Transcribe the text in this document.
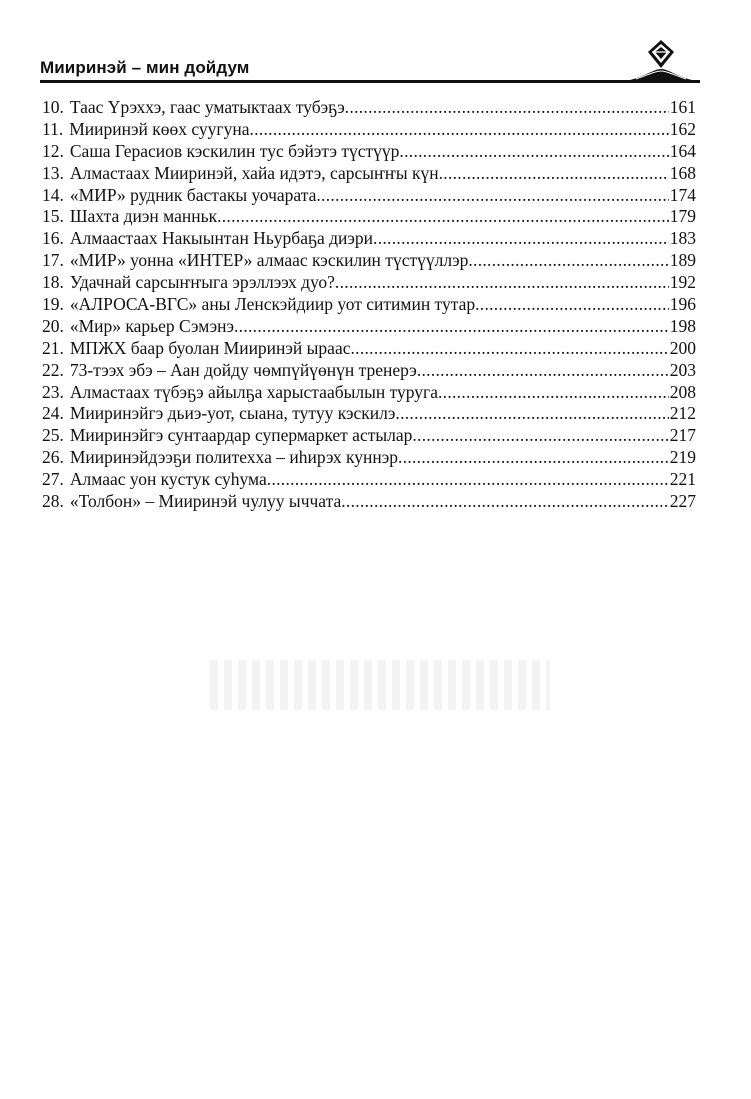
Мииринэй – мин дойдум
10. Таас Үрэххэ, гаас уматыктаах тубэҕэ .....	161
11. Мииринэй көөх суугуна .....	162
12. Саша Герасиов кэскилин тус бэйэтэ түстүүр .....	164
13. Алмастаах Мииринэй, хайа идэтэ, сарсыҥҥы күн .....	168
14. «МИР» рудник бастакы уочарата .....	174
15. Шахта диэн манньк .....	179
16. Алмаастаах Накыынтан Ньурбаҕа диэри .....	183
17. «МИР» уонна «ИНТЕР» алмаас кэскилин түстүүллэр .....	189
18. Удачнай сарсыҥҥыга эрэллээх дуо? .....	192
19. «АЛРОСА-ВГС» аны Ленскэйдиир уот ситимин тутар .....	196
20. «Мир» карьер Сэмэнэ .....	198
21. МПЖХ баар буолан Мииринэй ыраас .....	200
22. 73-тээх эбэ – Аан дойду чөмпүйүөнүн тренерэ .....	203
23. Алмастаах түбэҕэ айылҕа харыстаабылын туруга .....	208
24. Мииринэйгэ дьиэ-уот, сыана, тутуу кэскилэ .....	212
25. Мииринэйгэ сунтаардар супермаркет астылар .....	217
26. Мииринэйдээҕи политехха – иһирэх куннэр .....	219
27. Алмаас уон кустук суһума .....	221
28. «Толбон» – Мииринэй чулуу ыччата .....	227
